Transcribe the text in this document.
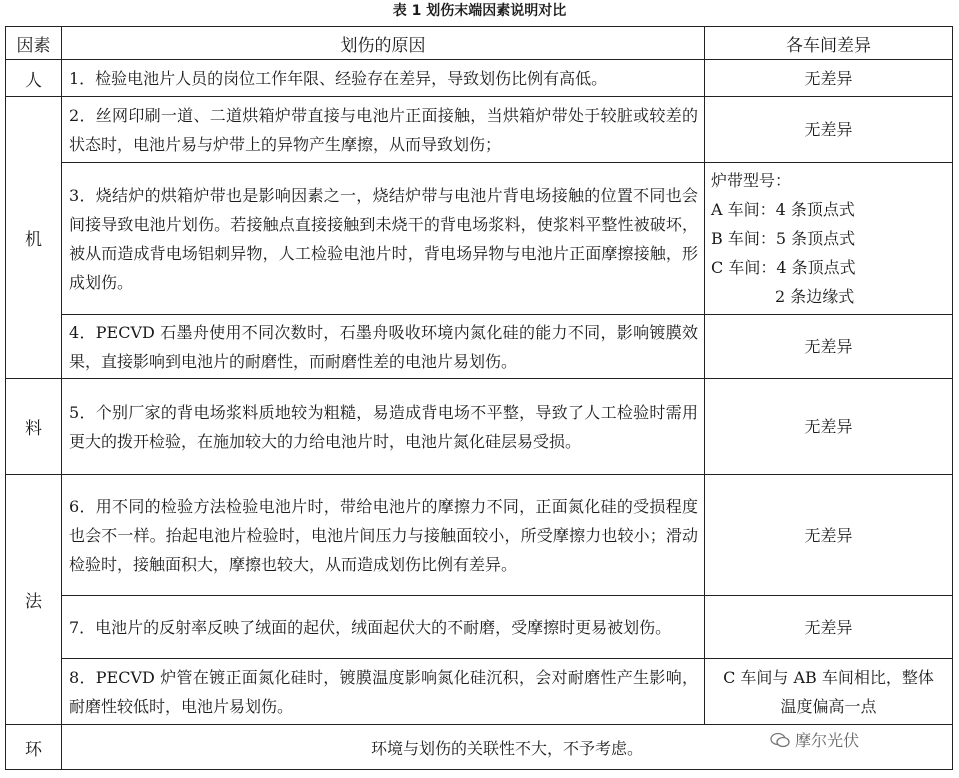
表 1 划伤末端因素说明对比
因素	划伤的原因	各车间差异
人	1．检验电池片人员的岗位工作年限、经验存在差异，导致划伤比例有高低。	无差异
机	2．丝网印刷一道、二道烘箱炉带直接与电池片正面接触，当烘箱炉带处于较脏或较差的状态时，电池片易与炉带上的异物产生摩擦，从而导致划伤；	无差异
	3．烧结炉的烘箱炉带也是影响因素之一，烧结炉带与电池片背电场接触的位置不同也会间接导致电池片划伤。若接触点直接接触到未烧干的背电场浆料，使浆料平整性被破坏，被从而造成背电场铝刺异物，人工检验电池片时，背电场异物与电池片正面摩擦接触，形成划伤。	炉带型号：
A 车间：4 条顶点式
B 车间：5 条顶点式
C 车间：4 条顶点式
2 条边缘式

	4．PECVD 石墨舟使用不同次数时，石墨舟吸收环境内氮化硅的能力不同，影响镀膜效果，直接影响到电池片的耐磨性，而耐磨性差的电池片易划伤。	无差异
料	5．个别厂家的背电场浆料质地较为粗糙，易造成背电场不平整，导致了人工检验时需用更大的拨开检验，在施加较大的力给电池片时，电池片氮化硅层易受损。	无差异
法	6．用不同的检验方法检验电池片时，带给电池片的摩擦力不同，正面氮化硅的受损程度也会不一样。抬起电池片检验时，电池片间压力与接触面较小，所受摩擦力也较小；滑动检验时，接触面积大，摩擦也较大，从而造成划伤比例有差异。	无差异
	7．电池片的反射率反映了绒面的起伏，绒面起伏大的不耐磨，受摩擦时更易被划伤。	无差异
	8．PECVD 炉管在镀正面氮化硅时，镀膜温度影响氮化硅沉积，会对耐磨性产生影响，耐磨性较低时，电池片易划伤。	C 车间与 AB 车间相比，整体
温度偏高一点

环	环境与划伤的关联性不大，不予考虑。		摩尔光伏
